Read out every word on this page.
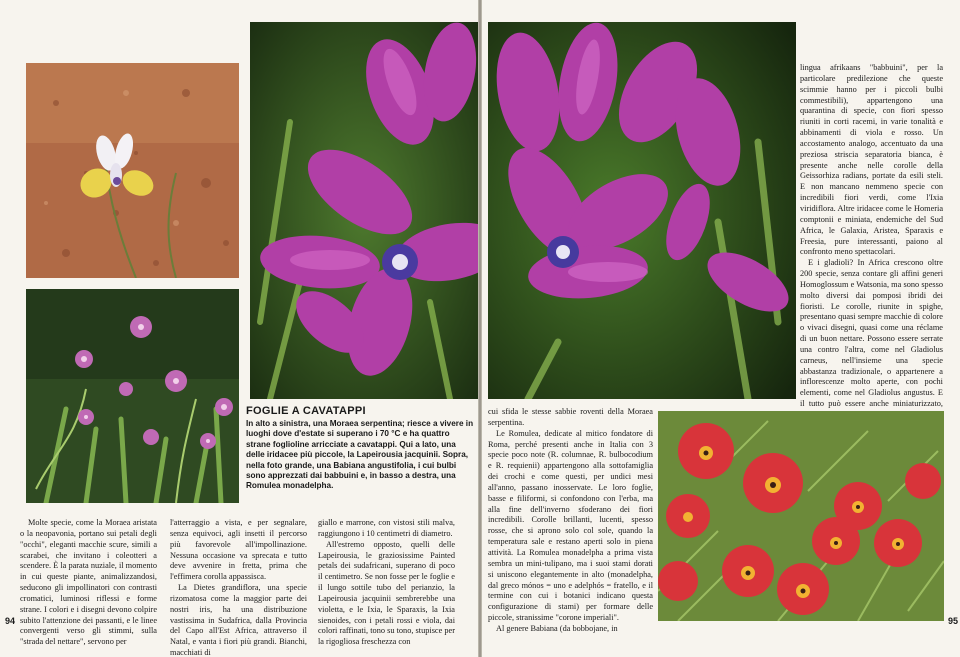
FOGLIE A CAVATAPPI
In alto a sinistra, una Moraea serpentina; riesce a vivere in luoghi dove d'estate si superano i 70 °C e ha quattro strane foglioline arricciate a cavatappi. Qui a lato, una delle iridacee più piccole, la Lapeirousia jacquinii. Sopra, nella foto grande, una Babiana angustifolia, i cui bulbi sono apprezzati dai babbuini e, in basso a destra, una Romulea monadelpha.
94

Molte specie, come la Moraea aristata o la neopavonia, portano sui petali degli "occhi", eleganti macchie scure, simili a scarabei, che invitano i coleotteri a scendere. È la parata nuziale, il momento in cui queste piante, animalizzandosi, seducono gli impollinatori con contrasti cromatici, luminosi riflessi e forme strane. I colori e i disegni devono colpire subito l'attenzione dei passanti, e le linee convergenti verso gli stimmi, sulla "strada del nettare", servono per

l'atterraggio a vista, e per segnalare, senza equivoci, agli insetti il percorso più favorevole all'impollinazione. Nessuna occasione va sprecata e tutto deve avvenire in fretta, prima che l'effimera corolla appassisca.

La Dietes grandiflora, una specie rizomatosa come la maggior parte dei nostri iris, ha una distribuzione vastissima in Sudafrica, dalla Provincia del Capo all'Est Africa, attraverso il Natal, e vanta i fiori più grandi. Bianchi, macchiati di

giallo e marrone, con vistosi stili malva, raggiungono i 10 centimetri di diametro.

All'estremo opposto, quelli delle Lapeirousia, le graziosissime Painted petals dei sudafricani, superano di poco il centimetro. Se non fosse per le foglie e il lungo sottile tubo del perianzio, la Lapeirousia jacquinii sembrerebbe una violetta, e le Ixia, le Sparaxis, la Ixia sienoides, con i petali rossi e viola, dai colori raffinati, tono su tono, stupisce per la rigogliosa freschezza con

lingua afrikaans "babbuini", per la particolare predilezione che queste scimmie hanno per i piccoli bulbi commestibili), appartengono una quarantina di specie, con fiori spesso riuniti in corti racemi, in varie tonalità e abbinamenti di viola e rosso. Un accostamento analogo, accentuato da una preziosa striscia separatoria bianca, è presente anche nelle corolle della Geissorhiza radians, portate da esili steli. E non mancano nemmeno specie con incredibili fiori verdi, come l'Ixia viridiflora. Altre iridacee come le Homeria comptonii e miniata, endemiche del Sud Africa, le Galaxia, Aristea, Sparaxis e Freesia, pure interessanti, paiono al confronto meno spettacolari.

E i gladioli? In Africa crescono oltre 200 specie, senza contare gli affini generi Homoglossum e Watsonia, ma sono spesso molto diversi dai pomposi ibridi dei fioristi. Le corolle, riunite in spighe, presentano quasi sempre macchie di colore o vivaci disegni, quasi come una réclame di un buon nettare. Possono essere serrate una contro l'altra, come nel Gladiolus carneus, nell'insieme una specie abbastanza tradizionale, o appartenere a inflorescenze molto aperte, con pochi elementi, come nel Gladiolus angustus. E il tutto può essere anche miniaturizzato,

cui sfida le stesse sabbie roventi della Moraea serpentina.

Le Romulea, dedicate al mitico fondatore di Roma, perché presenti anche in Italia con 3 specie poco note (R. columnae, R. bulbocodium e R. requienii) appartengono alla sottofamiglia dei crochi e come questi, per undici mesi all'anno, passano inosservate. Le loro foglie, basse e filiformi, si confondono con l'erba, ma alla fine dell'inverno sfoderano dei fiori incredibili. Corolle brillanti, lucenti, spesso rosse, che si aprono solo col sole, quando la temperatura sale e restano aperti solo in piena attività. La Romulea monadelpha a prima vista sembra un mini-tulipano, ma i suoi stami dorati si uniscono elegantemente in alto (monadelpha, dal greco mónos = uno e adelphós = fratello, e il termine con cui i botanici indicano questa configurazione di stami) per formare delle piccole, stranissime "corone imperiali".

Al genere Babiana (da bobbojane, in

95
